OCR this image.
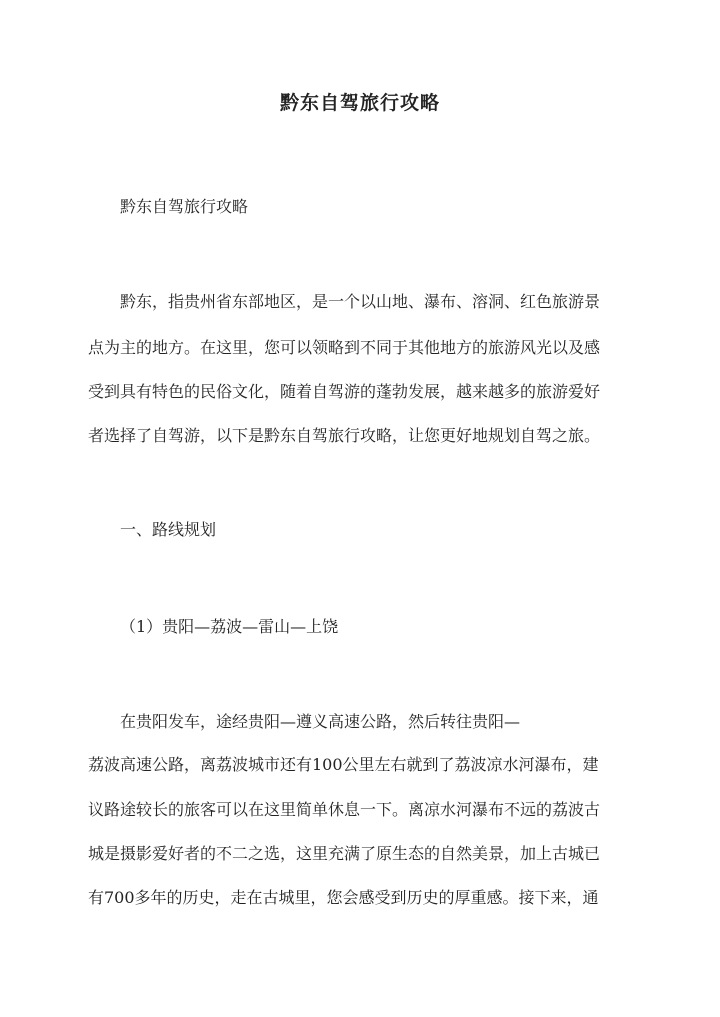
黔东自驾旅行攻略
黔东自驾旅行攻略
黔东，指贵州省东部地区，是一个以山地、瀑布、溶洞、红色旅游景
点为主的地方。在这里，您可以领略到不同于其他地方的旅游风光以及感
受到具有特色的民俗文化，随着自驾游的蓬勃发展，越来越多的旅游爱好
者选择了自驾游，以下是黔东自驾旅行攻略，让您更好地规划自驾之旅。
一、路线规划
（1）贵阳—荔波—雷山—上饶
在贵阳发车，途经贵阳—遵义高速公路，然后转往贵阳—
荔波高速公路，离荔波城市还有100公里左右就到了荔波凉水河瀑布，建
议路途较长的旅客可以在这里简单休息一下。离凉水河瀑布不远的荔波古
城是摄影爱好者的不二之选，这里充满了原生态的自然美景，加上古城已
有700多年的历史，走在古城里，您会感受到历史的厚重感。接下来，通
